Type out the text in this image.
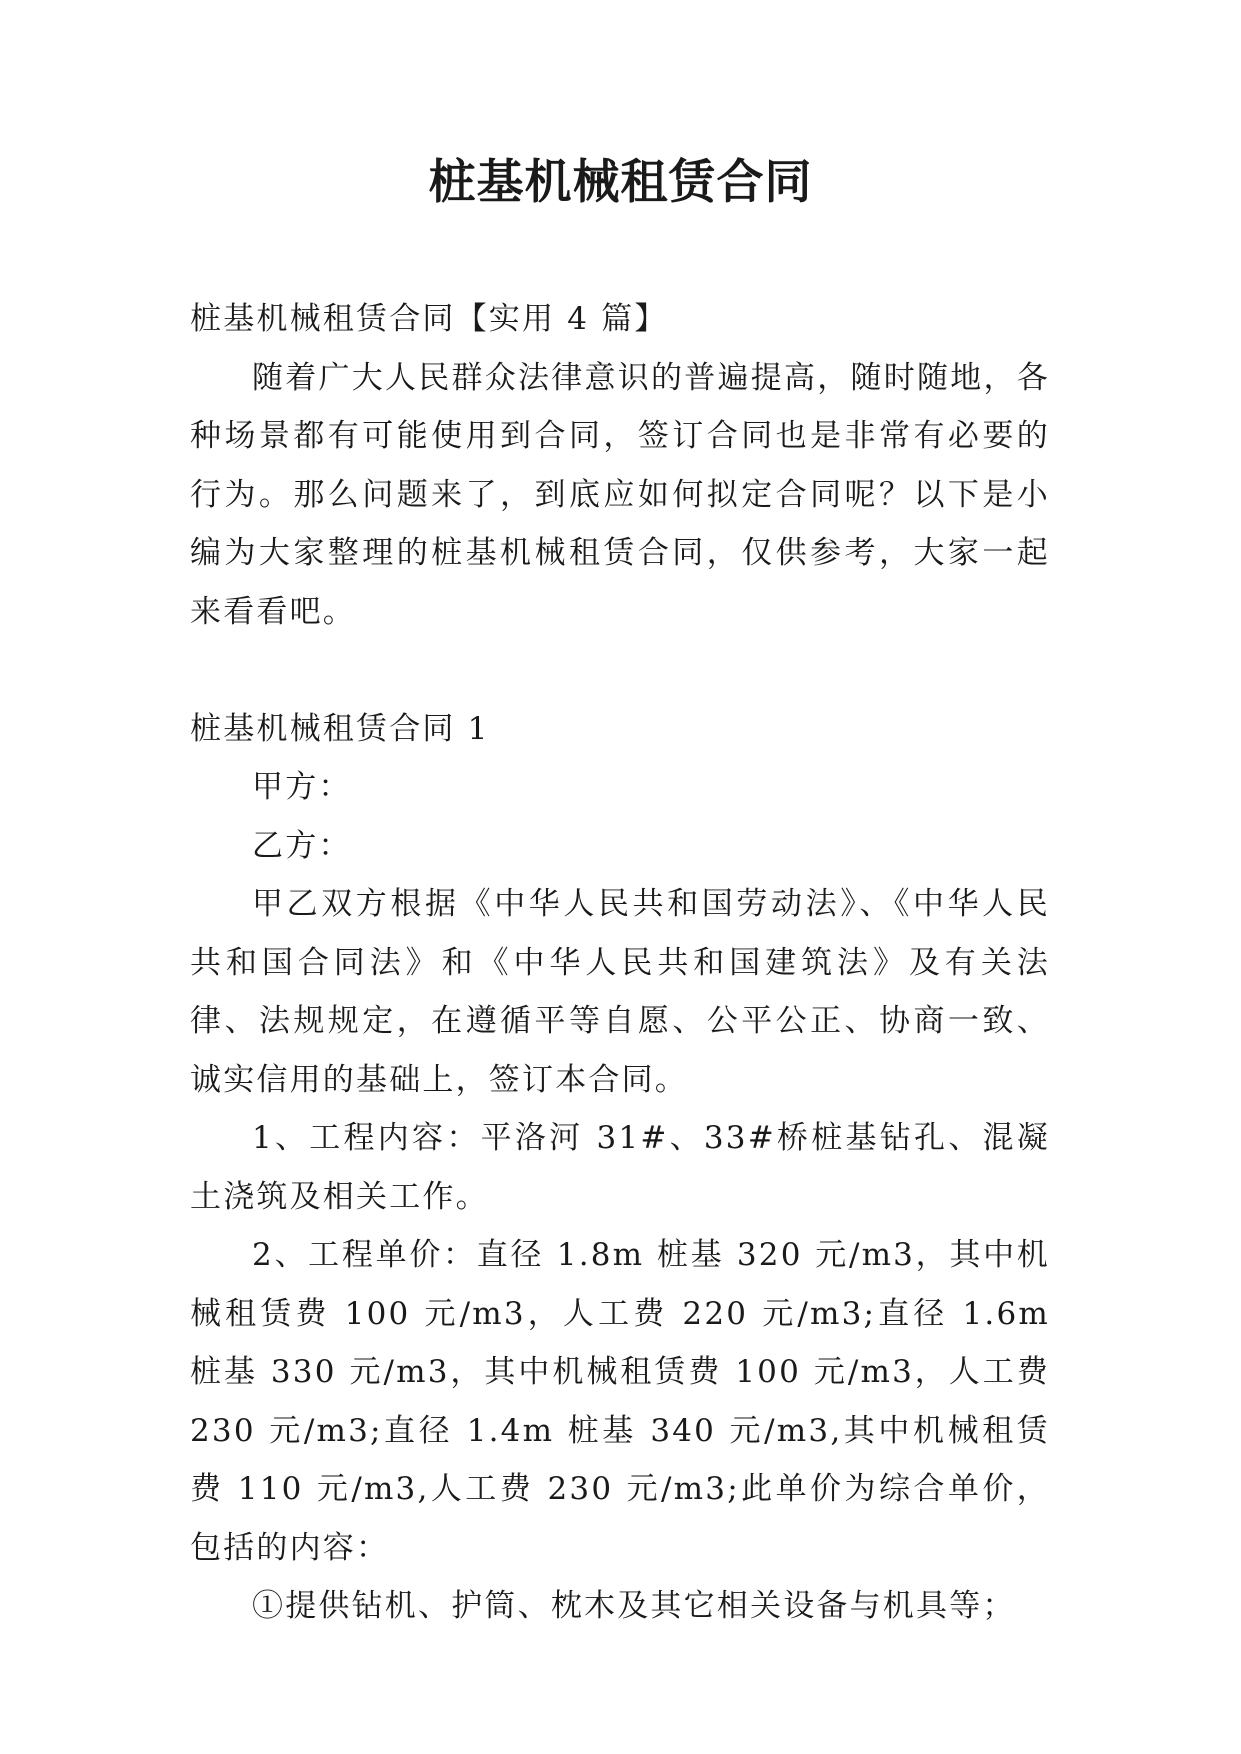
桩基机械租赁合同

桩基机械租赁合同【实用 4 篇】

随着广大人民群众法律意识的普遍提高，随时随地，各种场景都有可能使用到合同，签订合同也是非常有必要的行为。那么问题来了，到底应如何拟定合同呢？以下是小编为大家整理的桩基机械租赁合同，仅供参考，大家一起来看看吧。

桩基机械租赁合同 1

甲方：

乙方：

甲乙双方根据《中华人民共和国劳动法》、《中华人民共和国合同法》和《中华人民共和国建筑法》及有关法律、法规规定，在遵循平等自愿、公平公正、协商一致、诚实信用的基础上，签订本合同。

1、工程内容：平洛河 31#、33#桥桩基钻孔、混凝土浇筑及相关工作。

2、工程单价：直径 1.8m 桩基 320 元/m3，其中机械租赁费 100 元/m3，人工费 220 元/m3;直径 1.6m 桩基 330 元/m3，其中机械租赁费 100 元/m3，人工费 230 元/m3;直径 1.4m 桩基 340 元/m3,其中机械租赁费 110 元/m3,人工费 230 元/m3;此单价为综合单价，包括的内容：

①提供钻机、护筒、枕木及其它相关设备与机具等；
